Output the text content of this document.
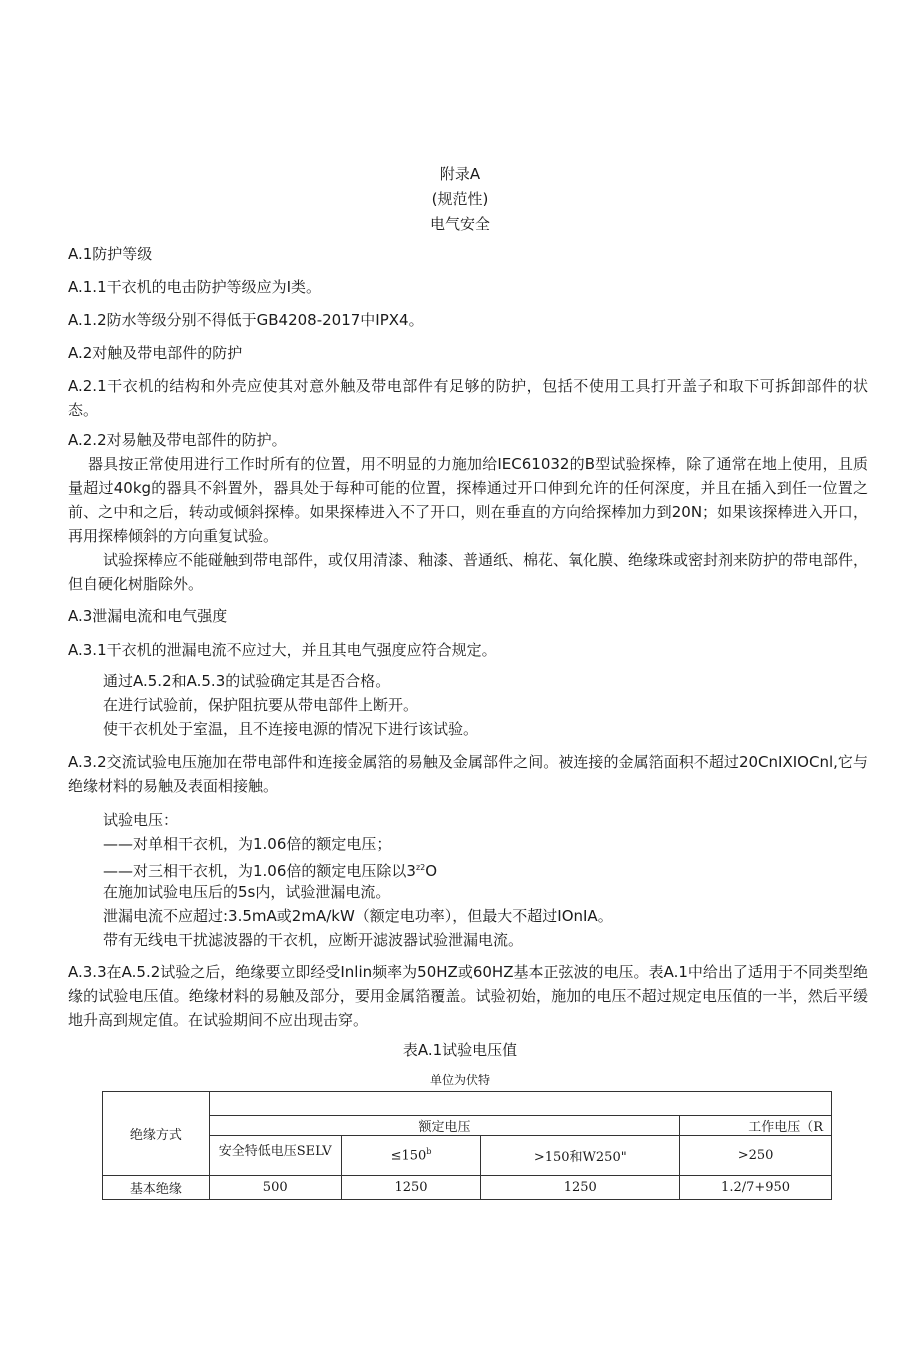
附录A
(规范性)
电气安全
A.1防护等级
A.1.1干衣机的电击防护等级应为Ⅰ类。
A.1.2防水等级分别不得低于GB4208-2017中IPX4。
A.2对触及带电部件的防护
A.2.1干衣机的结构和外壳应使其对意外触及带电部件有足够的防护，包括不使用工具打开盖子和取下可拆卸部件的状态。
A.2.2对易触及带电部件的防护。
器具按正常使用进行工作时所有的位置，用不明显的力施加给IEC61032的B型试验探棒，除了通常在地上使用，且质量超过40kg的器具不斜置外，器具处于每种可能的位置，探棒通过开口伸到允许的任何深度，并且在插入到任一位置之前、之中和之后，转动或倾斜探棒。如果探棒进入不了开口，则在垂直的方向给探棒加力到20N；如果该探棒进入开口，再用探棒倾斜的方向重复试验。
试验探棒应不能碰触到带电部件，或仅用清漆、釉漆、普通纸、棉花、氧化膜、绝缘珠或密封剂来防护的带电部件，但自硬化树脂除外。
A.3泄漏电流和电气强度
A.3.1干衣机的泄漏电流不应过大，并且其电气强度应符合规定。
通过A.5.2和A.5.3的试验确定其是否合格。
在进行试验前，保护阻抗要从带电部件上断开。
使干衣机处于室温，且不连接电源的情况下进行该试验。
A.3.2交流试验电压施加在带电部件和连接金属箔的易触及金属部件之间。被连接的金属箔面积不超过20CnIXIOCnl,它与绝缘材料的易触及表面相接触。
试验电压：
——对单相干衣机，为1.06倍的额定电压；
——对三相干衣机，为1.06倍的额定电压除以$3^{z2}O$
在施加试验电压后的5s内，试验泄漏电流。
泄漏电流不应超过:3.5mA或2mA/kW（额定电功率），但最大不超过IOnIA。
带有无线电干扰滤波器的干衣机，应断开滤波器试验泄漏电流。
A.3.3在A.5.2试验之后，绝缘要立即经受Inlin频率为50HZ或60HZ基本正弦波的电压。表A.1中给出了适用于不同类型绝缘的试验电压值。绝缘材料的易触及部分，要用金属箔覆盖。试验初始，施加的电压不超过规定电压值的一半，然后平缓地升高到规定值。在试验期间不应出现击穿。
表A.1试验电压值
单位为伏特
绝缘方式				
	额定电压			工作电压（R
	安全特低电压SELV	$\le 150^b$	>150和W250"	>250
基本绝缘	500	1250	1250	1.2/7+950
